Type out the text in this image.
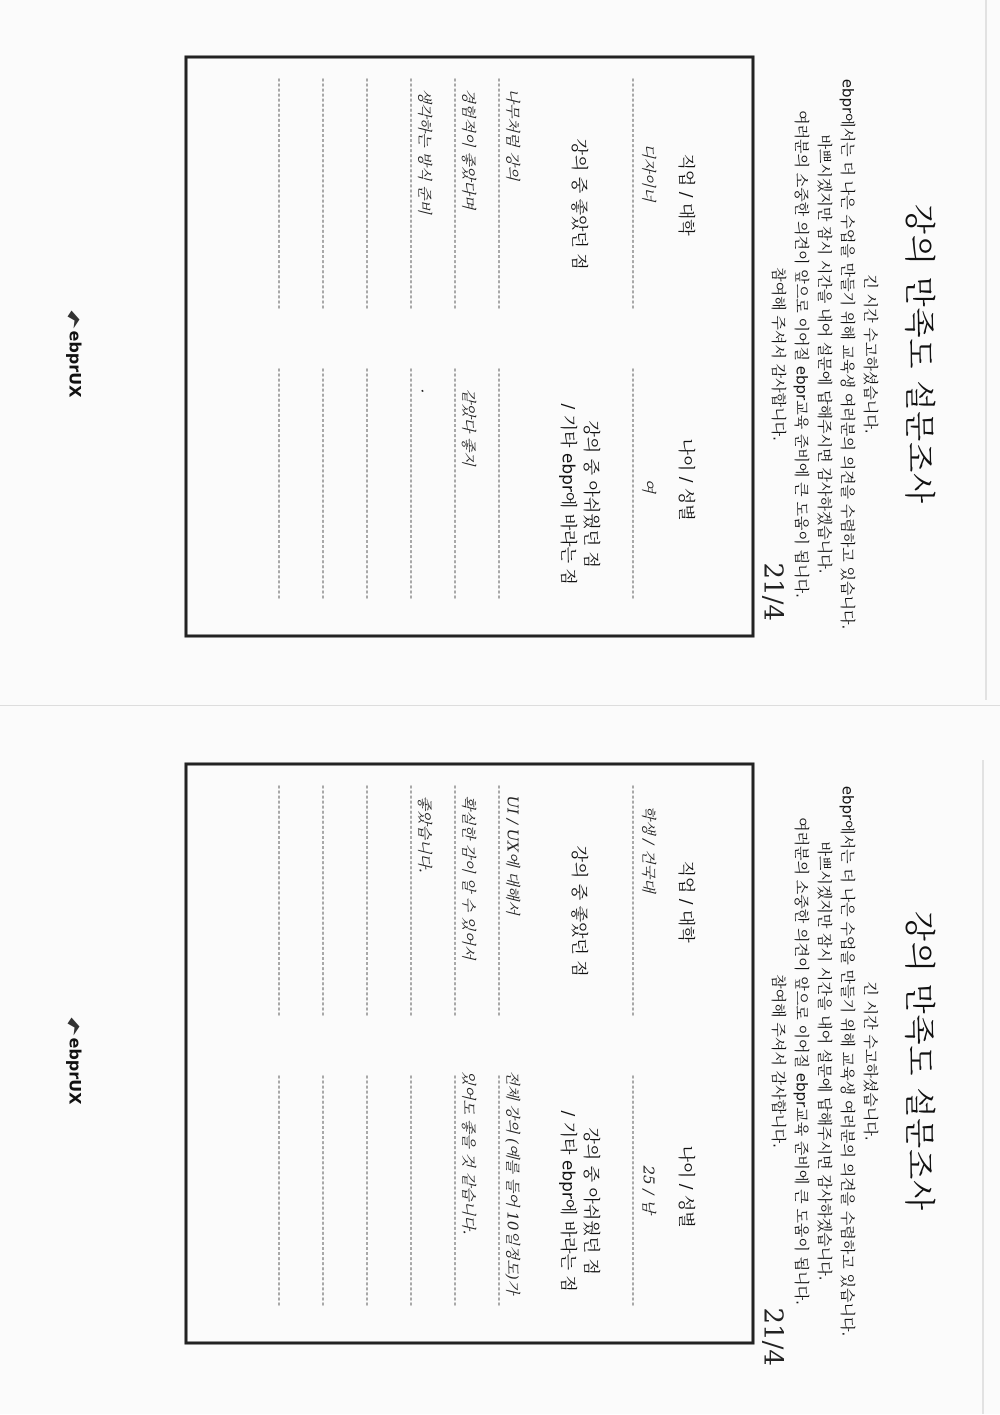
강의 만족도 설문조사
긴 시간 수고하셨습니다.
ebpr에서는 더 나은 수업을 만들기 위해 교육생 여러분의 의견을 수렴하고 있습니다.
바쁘시겠지만 잠시 시간을 내어 설문에 답해주시면 감사하겠습니다.
여러분의 소중한 의견이 앞으로 이어질 ebpr교육 준비에 큰 도움이 됩니다.
참여해 주셔서 감사합니다.
직업 / 대학
나이 / 성별
디자이너
여
강의 중 좋았던 점
강의 중 아쉬웠던 점
/ 기타 ebpr에 바라는 점
나무처럼 강의
경험적이 좋았다며
생각하는 방식 준비
같았다 좋지
.
21/4
ebprUX
강의 만족도 설문조사
긴 시간 수고하셨습니다.
ebpr에서는 더 나은 수업을 만들기 위해 교육생 여러분의 의견을 수렴하고 있습니다.
바쁘시겠지만 잠시 시간을 내어 설문에 답해주시면 감사하겠습니다.
여러분의 소중한 의견이 앞으로 이어질 ebpr교육 준비에 큰 도움이 됩니다.
참여해 주셔서 감사합니다.
직업 / 대학
나이 / 성별
학생 / 건국대
25 / 남
강의 중 좋았던 점
강의 중 아쉬웠던 점
/ 기타 ebpr에 바라는 점
UI / UX에 대해서
확실한 감이 알 수 있어서
좋았습니다.
전체 강의 (예를 들어 10일정도)가
있어도 좋을 것 같습니다.
21/4
ebprUX
